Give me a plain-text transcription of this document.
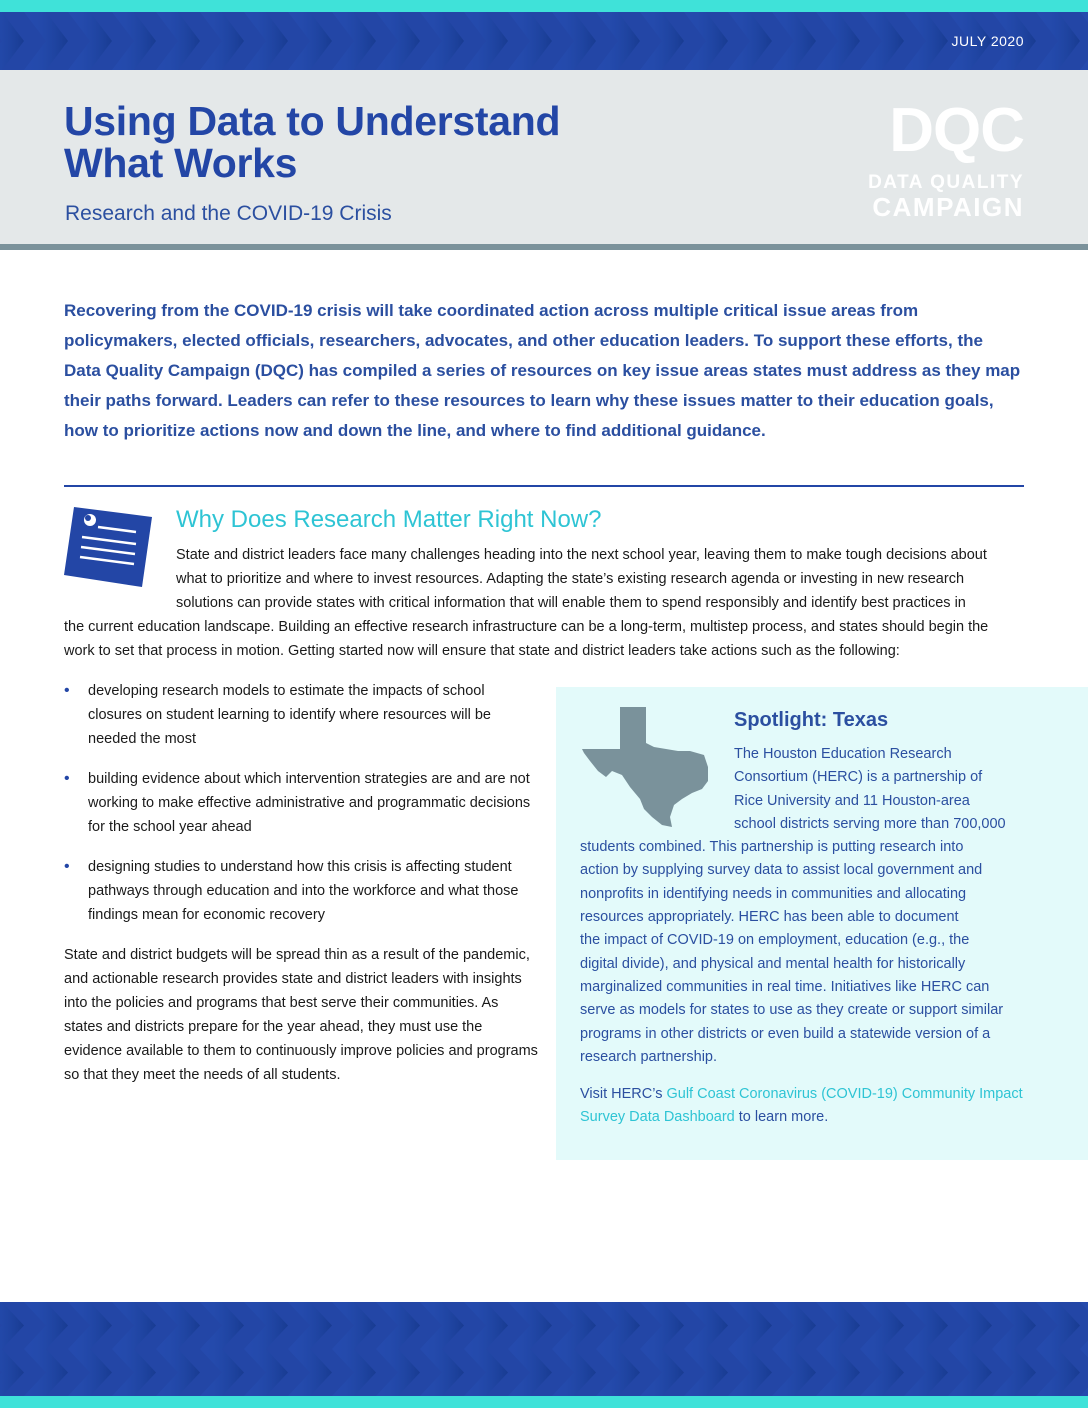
JULY 2020
Using Data to Understand
What Works
Research and the COVID-19 Crisis
DQC
DATA QUALITY
CAMPAIGN

Recovering from the COVID-19 crisis will take coordinated action across multiple critical issue areas from policymakers, elected officials, researchers, advocates, and other education leaders. To support these efforts, the Data Quality Campaign (DQC) has compiled a series of resources on key issue areas states must address as they map their paths forward. Leaders can refer to these resources to learn why these issues matter to their education goals, how to prioritize actions now and down the line, and where to find additional guidance.

Why Does Research Matter Right Now?
State and district leaders face many challenges heading into the next school year, leaving them to make tough decisions about
what to prioritize and where to invest resources. Adapting the state’s existing research agenda or investing in new research
solutions can provide states with critical information that will enable them to spend responsibly and identify best practices in
the current education landscape. Building an effective research infrastructure can be a long-term, multistep process, and states should begin the
work to set that process in motion. Getting started now will ensure that state and district leaders take actions such as the following:
• developing research models to estimate the impacts of school closures on student learning to identify where resources will be needed the most
• building evidence about which intervention strategies are and are not working to make effective administrative and programmatic decisions for the school year ahead
• designing studies to understand how this crisis is affecting student pathways through education and into the workforce and what those findings mean for economic recovery

State and district budgets will be spread thin as a result of the pandemic, and actionable research provides state and district leaders with insights into the policies and programs that best serve their communities. As states and districts prepare for the year ahead, they must use the evidence available to them to continuously improve policies and programs so that they meet the needs of all students.

Spotlight: Texas
The Houston Education Research
Consortium (HERC) is a partnership of
Rice University and 11 Houston-area
school districts serving more than 700,000
students combined. This partnership is putting research into
action by supplying survey data to assist local government and
nonprofits in identifying needs in communities and allocating
resources appropriately. HERC has been able to document
the impact of COVID-19 on employment, education (e.g., the
digital divide), and physical and mental health for historically
marginalized communities in real time. Initiatives like HERC can
serve as models for states to use as they create or support similar
programs in other districts or even build a statewide version of a
research partnership.

Visit HERC’s Gulf Coast Coronavirus (COVID-19) Community Impact Survey Data Dashboard to learn more.
